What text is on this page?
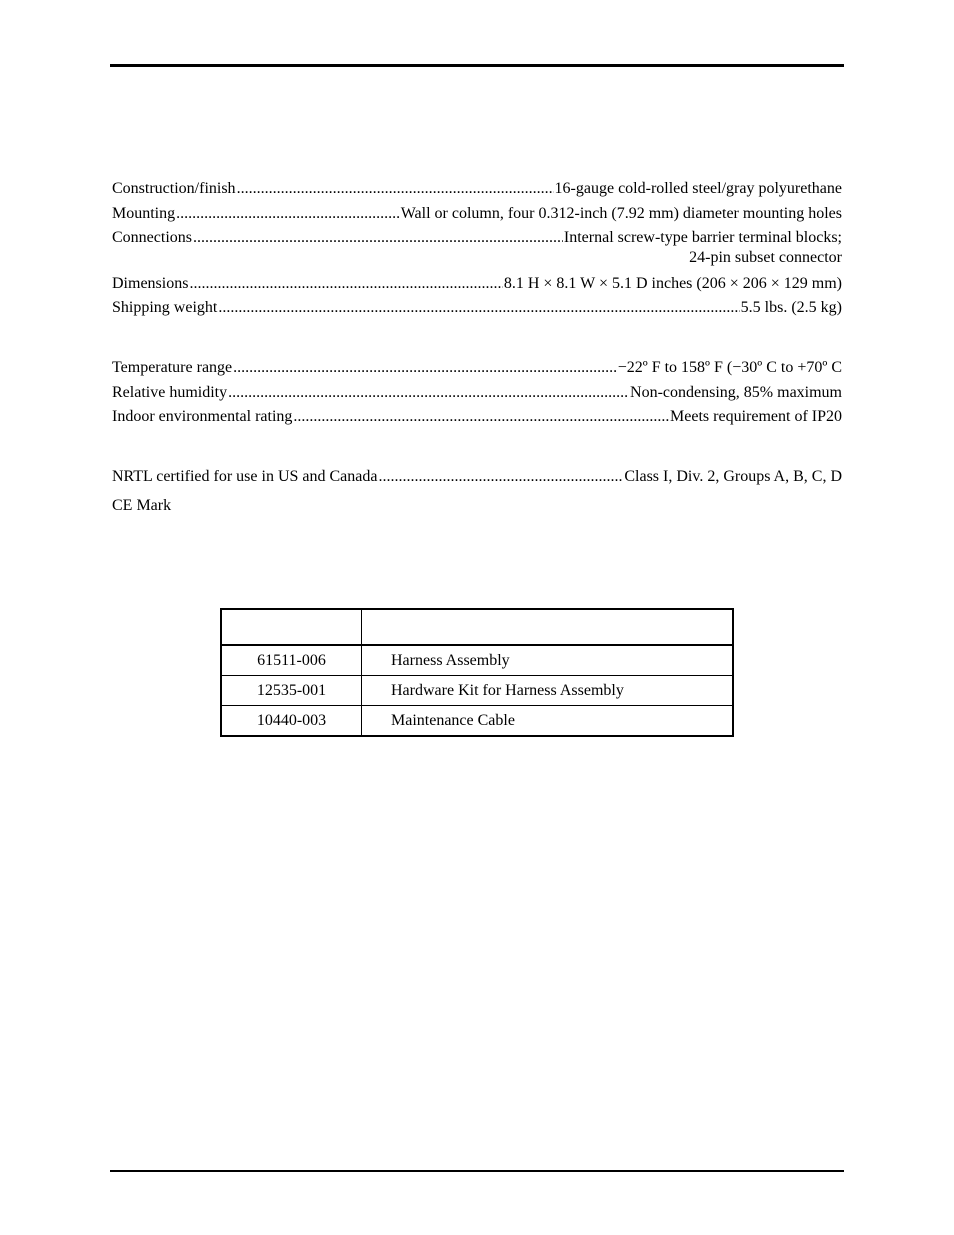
Construction/finish .....	16-gauge cold-rolled steel/gray polyurethane
Mounting .....	Wall or column, four 0.312-inch (7.92 mm) diameter mounting holes
Connections .....	Internal screw-type barrier terminal blocks;
24-pin subset connector
Dimensions .....	8.1 H × 8.1 W × 5.1 D inches (206 × 206 × 129 mm)
Shipping weight .....	5.5 lbs. (2.5 kg)
Temperature range .....	−22º F to 158º F (−30º C to +70º C
Relative humidity .....	Non-condensing, 85% maximum
Indoor environmental rating .....	Meets requirement of IP20
NRTL certified for use in US and Canada .....	Class I, Div. 2, Groups A, B, C, D
CE Mark

61511-006	Harness Assembly
12535-001	Hardware Kit for Harness Assembly
10440-003	Maintenance Cable
